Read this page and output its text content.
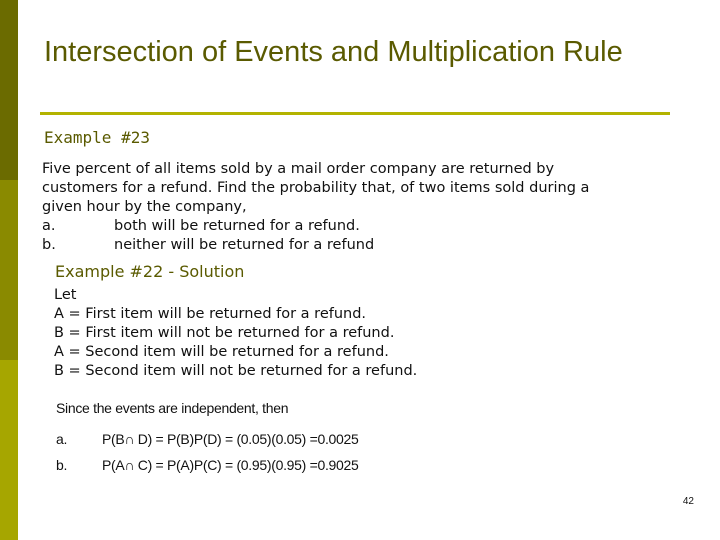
Intersection of Events and Multiplication Rule
Example #23
Five percent of all items sold by a mail order company are returned by
customers for a refund. Find the probability that, of two items sold during a
given hour by the company,
a.	both will be returned for a refund.
b.	neither will be returned for a refund
Example #22 - Solution
Let
A = First item will be returned for a refund.
B = First item will not be returned for a refund.
A = Second item will be returned for a refund.
B = Second item will not be returned for a refund.
Since the events are independent, then
a.	P(B∩ D) = P(B)P(D) = (0.05)(0.05) =0.0025
b.	P(A∩ C) = P(A)P(C) = (0.95)(0.95) =0.9025
42
